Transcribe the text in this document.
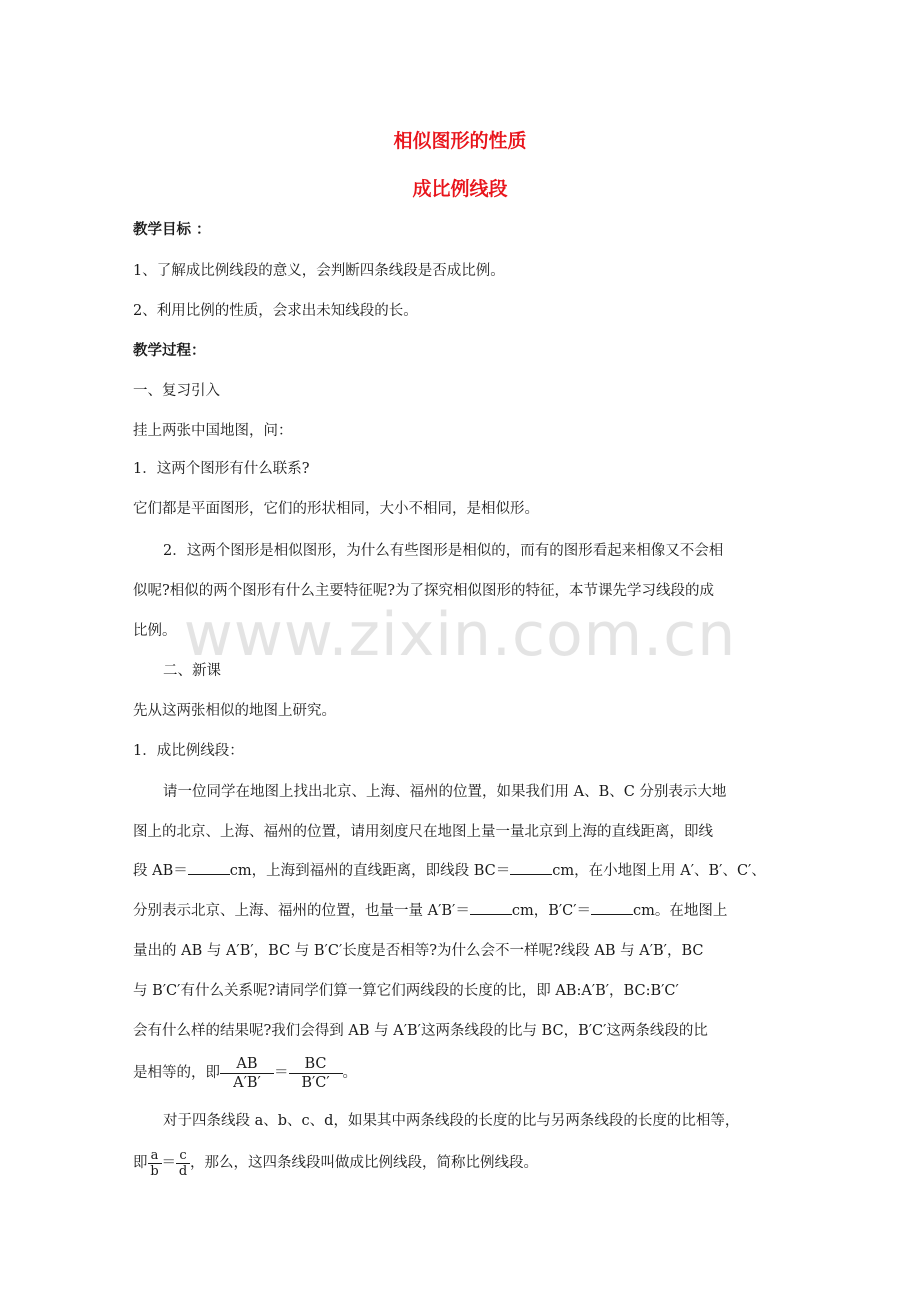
www.zixin.com.cn
相似图形的性质
成比例线段
教学目标 ：
1、了解成比例线段的意义，会判断四条线段是否成比例。
2、利用比例的性质，会求出未知线段的长。
教学过程：
一、复习引入
挂上两张中国地图，问：
1．这两个图形有什么联系?
它们都是平面图形，它们的形状相同，大小不相同，是相似形。
2．这两个图形是相似图形，为什么有些图形是相似的，而有的图形看起来相像又不会相
似呢?相似的两个图形有什么主要特征呢?为了探究相似图形的特征，本节课先学习线段的成
比例。
二、新课
先从这两张相似的地图上研究。
1．成比例线段：
请一位同学在地图上找出北京、上海、福州的位置，如果我们用 A、B、C 分别表示大地
图上的北京、上海、福州的位置，请用刻度尺在地图上量一量北京到上海的直线距离，即线
段 AB＝	cm，上海到福州的直线距离，即线段 BC＝	cm，在小地图上用 A′、B′、C′、
分别表示北京、上海、福州的位置，也量一量 A′B′＝	cm，B′C′＝	cm。在地图上
量出的 AB 与 A′B′，BC 与 B′C′长度是否相等?为什么会不一样呢?线段 AB 与 A′B′，BC
与 B′C′有什么关系呢?请同学们算一算它们两线段的长度的比，即 AB:A′B′，BC:B′C′
会有什么样的结果呢?我们会得到 AB 与 A′B′这两条线段的比与 BC，B′C′这两条线段的比
是相等的，即 $\frac{AB}{A'B'} = \frac{BC}{B'C'}$ 。
对于四条线段 a、b、c、d，如果其中两条线段的长度的比与另两条线段的长度的比相等，
即 $\frac{a}{b} = \frac{c}{d}$ ，那么，这四条线段叫做成比例线段，简称比例线段。
